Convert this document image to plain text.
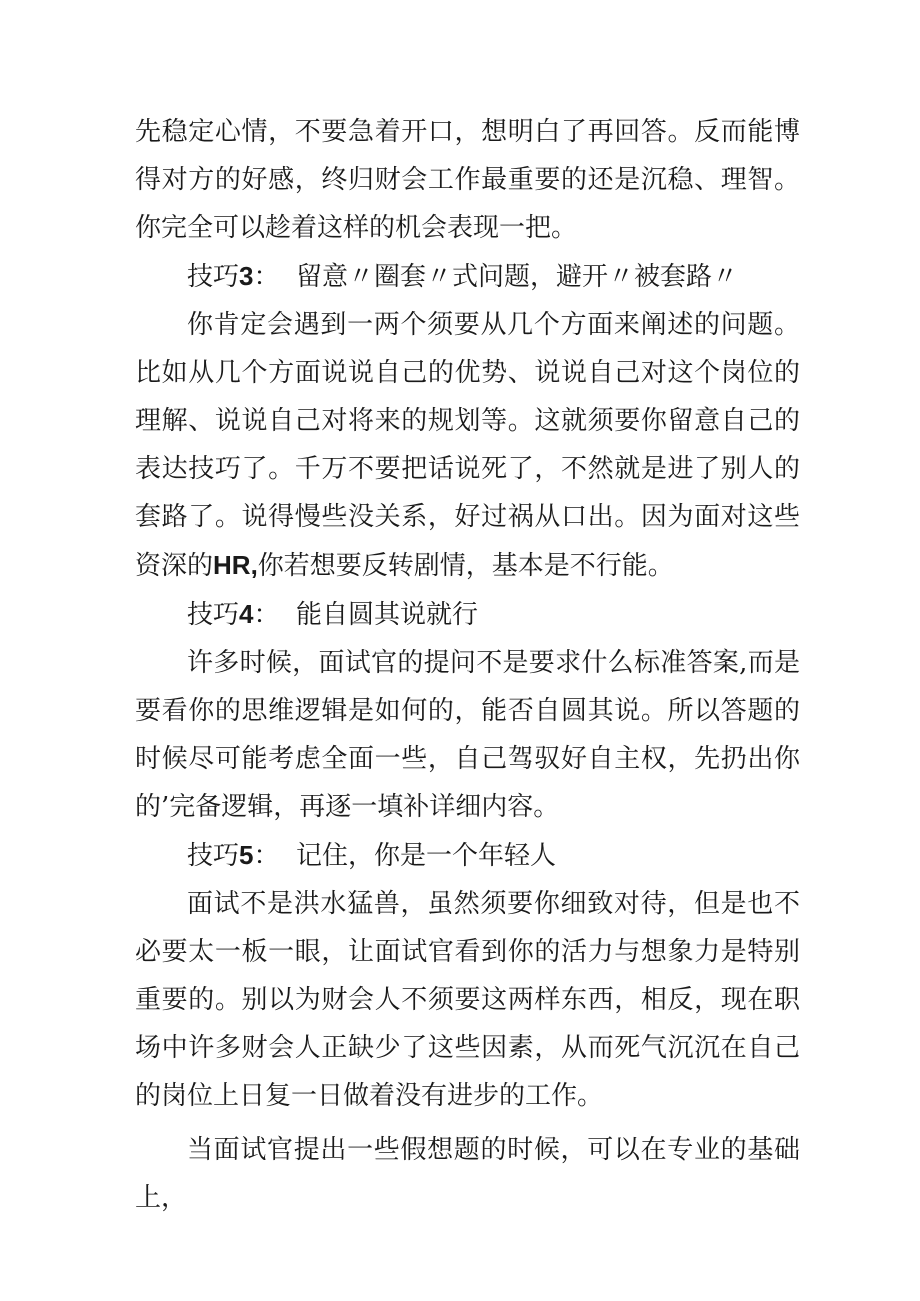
先稳定心情，不要急着开口，想明白了再回答。反而能博得对方的好感，终归财会工作最重要的还是沉稳、理智。你完全可以趁着这样的机会表现一把。

技巧3：  留意〃圈套〃式问题，避开〃被套路〃

你肯定会遇到一两个须要从几个方面来阐述的问题。比如从几个方面说说自己的优势、说说自己对这个岗位的理解、说说自己对将来的规划等。这就须要你留意自己的表达技巧了。千万不要把话说死了，不然就是进了别人的套路了。说得慢些没关系，好过祸从口出。因为面对这些资深的HR,你若想要反转剧情，基本是不行能。

技巧4：  能自圆其说就行

许多时候，面试官的提问不是要求什么标准答案,而是要看你的思维逻辑是如何的，能否自圆其说。所以答题的时候尽可能考虑全面一些，自己驾驭好自主权，先扔出你的’完备逻辑，再逐一填补详细内容。

技巧5：  记住，你是一个年轻人

面试不是洪水猛兽，虽然须要你细致对待，但是也不必要太一板一眼，让面试官看到你的活力与想象力是特别重要的。别以为财会人不须要这两样东西，相反，现在职场中许多财会人正缺少了这些因素，从而死气沉沉在自己的岗位上日复一日做着没有进步的工作。

当面试官提出一些假想题的时候，可以在专业的基础上，
